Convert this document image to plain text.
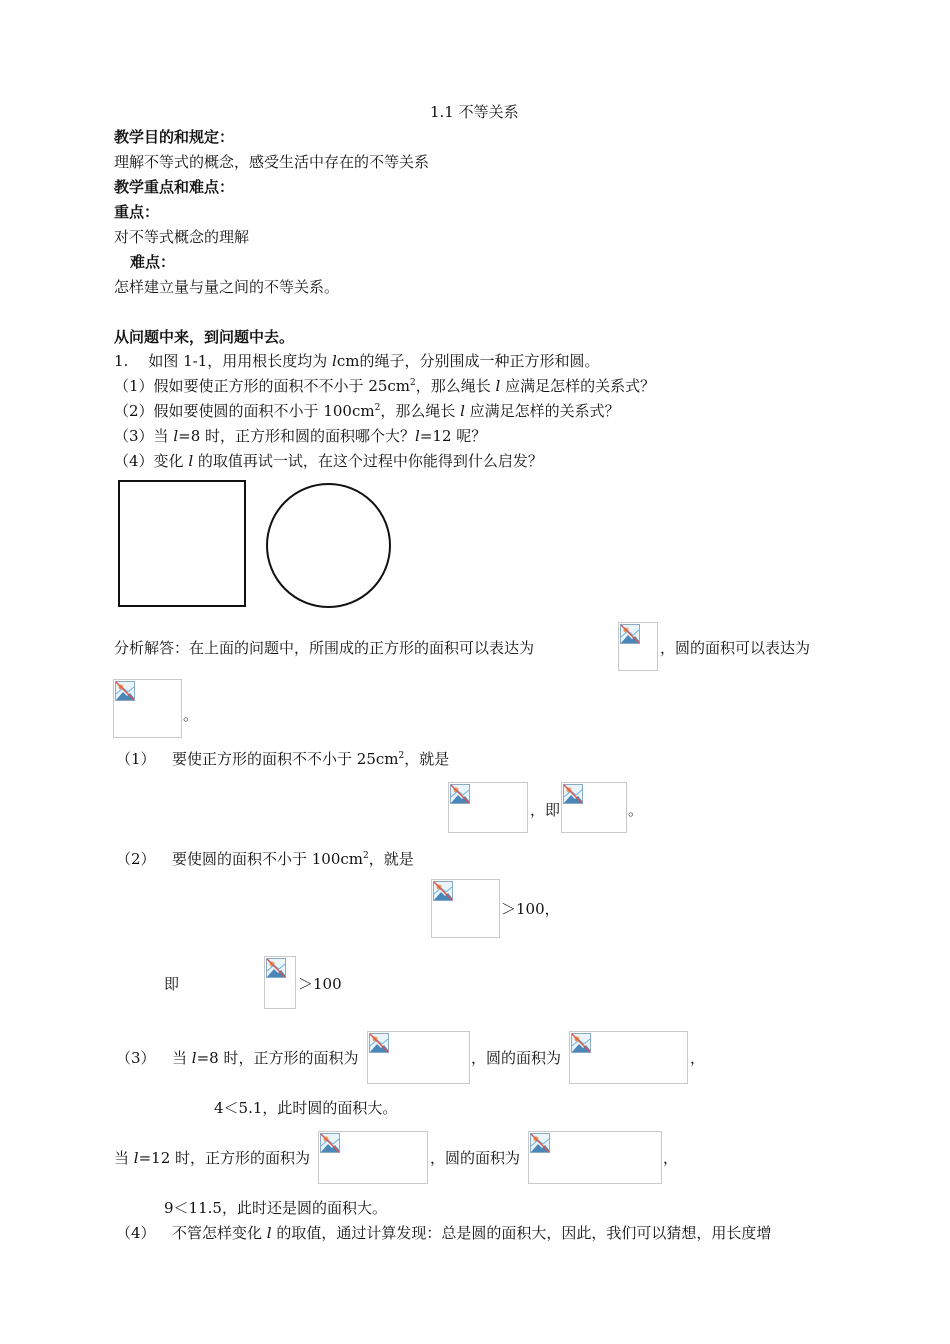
1.1 不等关系
教学目的和规定：
理解不等式的概念，感受生活中存在的不等关系
教学重点和难点：
重点：
对不等式概念的理解
难点：
怎样建立量与量之间的不等关系。
从问题中来，到问题中去。
1. 如图 1-1，用用根长度均为 lcm的绳子，分别围成一种正方形和圆。
（1）假如要使正方形的面积不不小于 $25cm^2$，那么绳长 l 应满足怎样的关系式？
（2）假如要使圆的面积不小于 $100cm^2$，那么绳长 l 应满足怎样的关系式？
（3）当 l=8 时，正方形和圆的面积哪个大？l=12 呢？
（4）变化 l 的取值再试一试，在这个过程中你能得到什么启发？
分析解答：在上面的问题中，所围成的正方形的面积可以表达为	，圆的面积可以表达为
。
（1） 要使正方形的面积不不小于 $25cm^2$，就是
，即	。
（2） 要使圆的面积不小于 $100cm^2$，就是
＞100，
即	＞100
（3） 当 l=8 时，正方形的面积为	，圆的面积为	，
4＜5.1，此时圆的面积大。
当 l=12 时，正方形的面积为	，圆的面积为	，
9＜11.5，此时还是圆的面积大。
（4） 不管怎样变化 l 的取值，通过计算发现：总是圆的面积大，因此，我们可以猜想，用长度增
